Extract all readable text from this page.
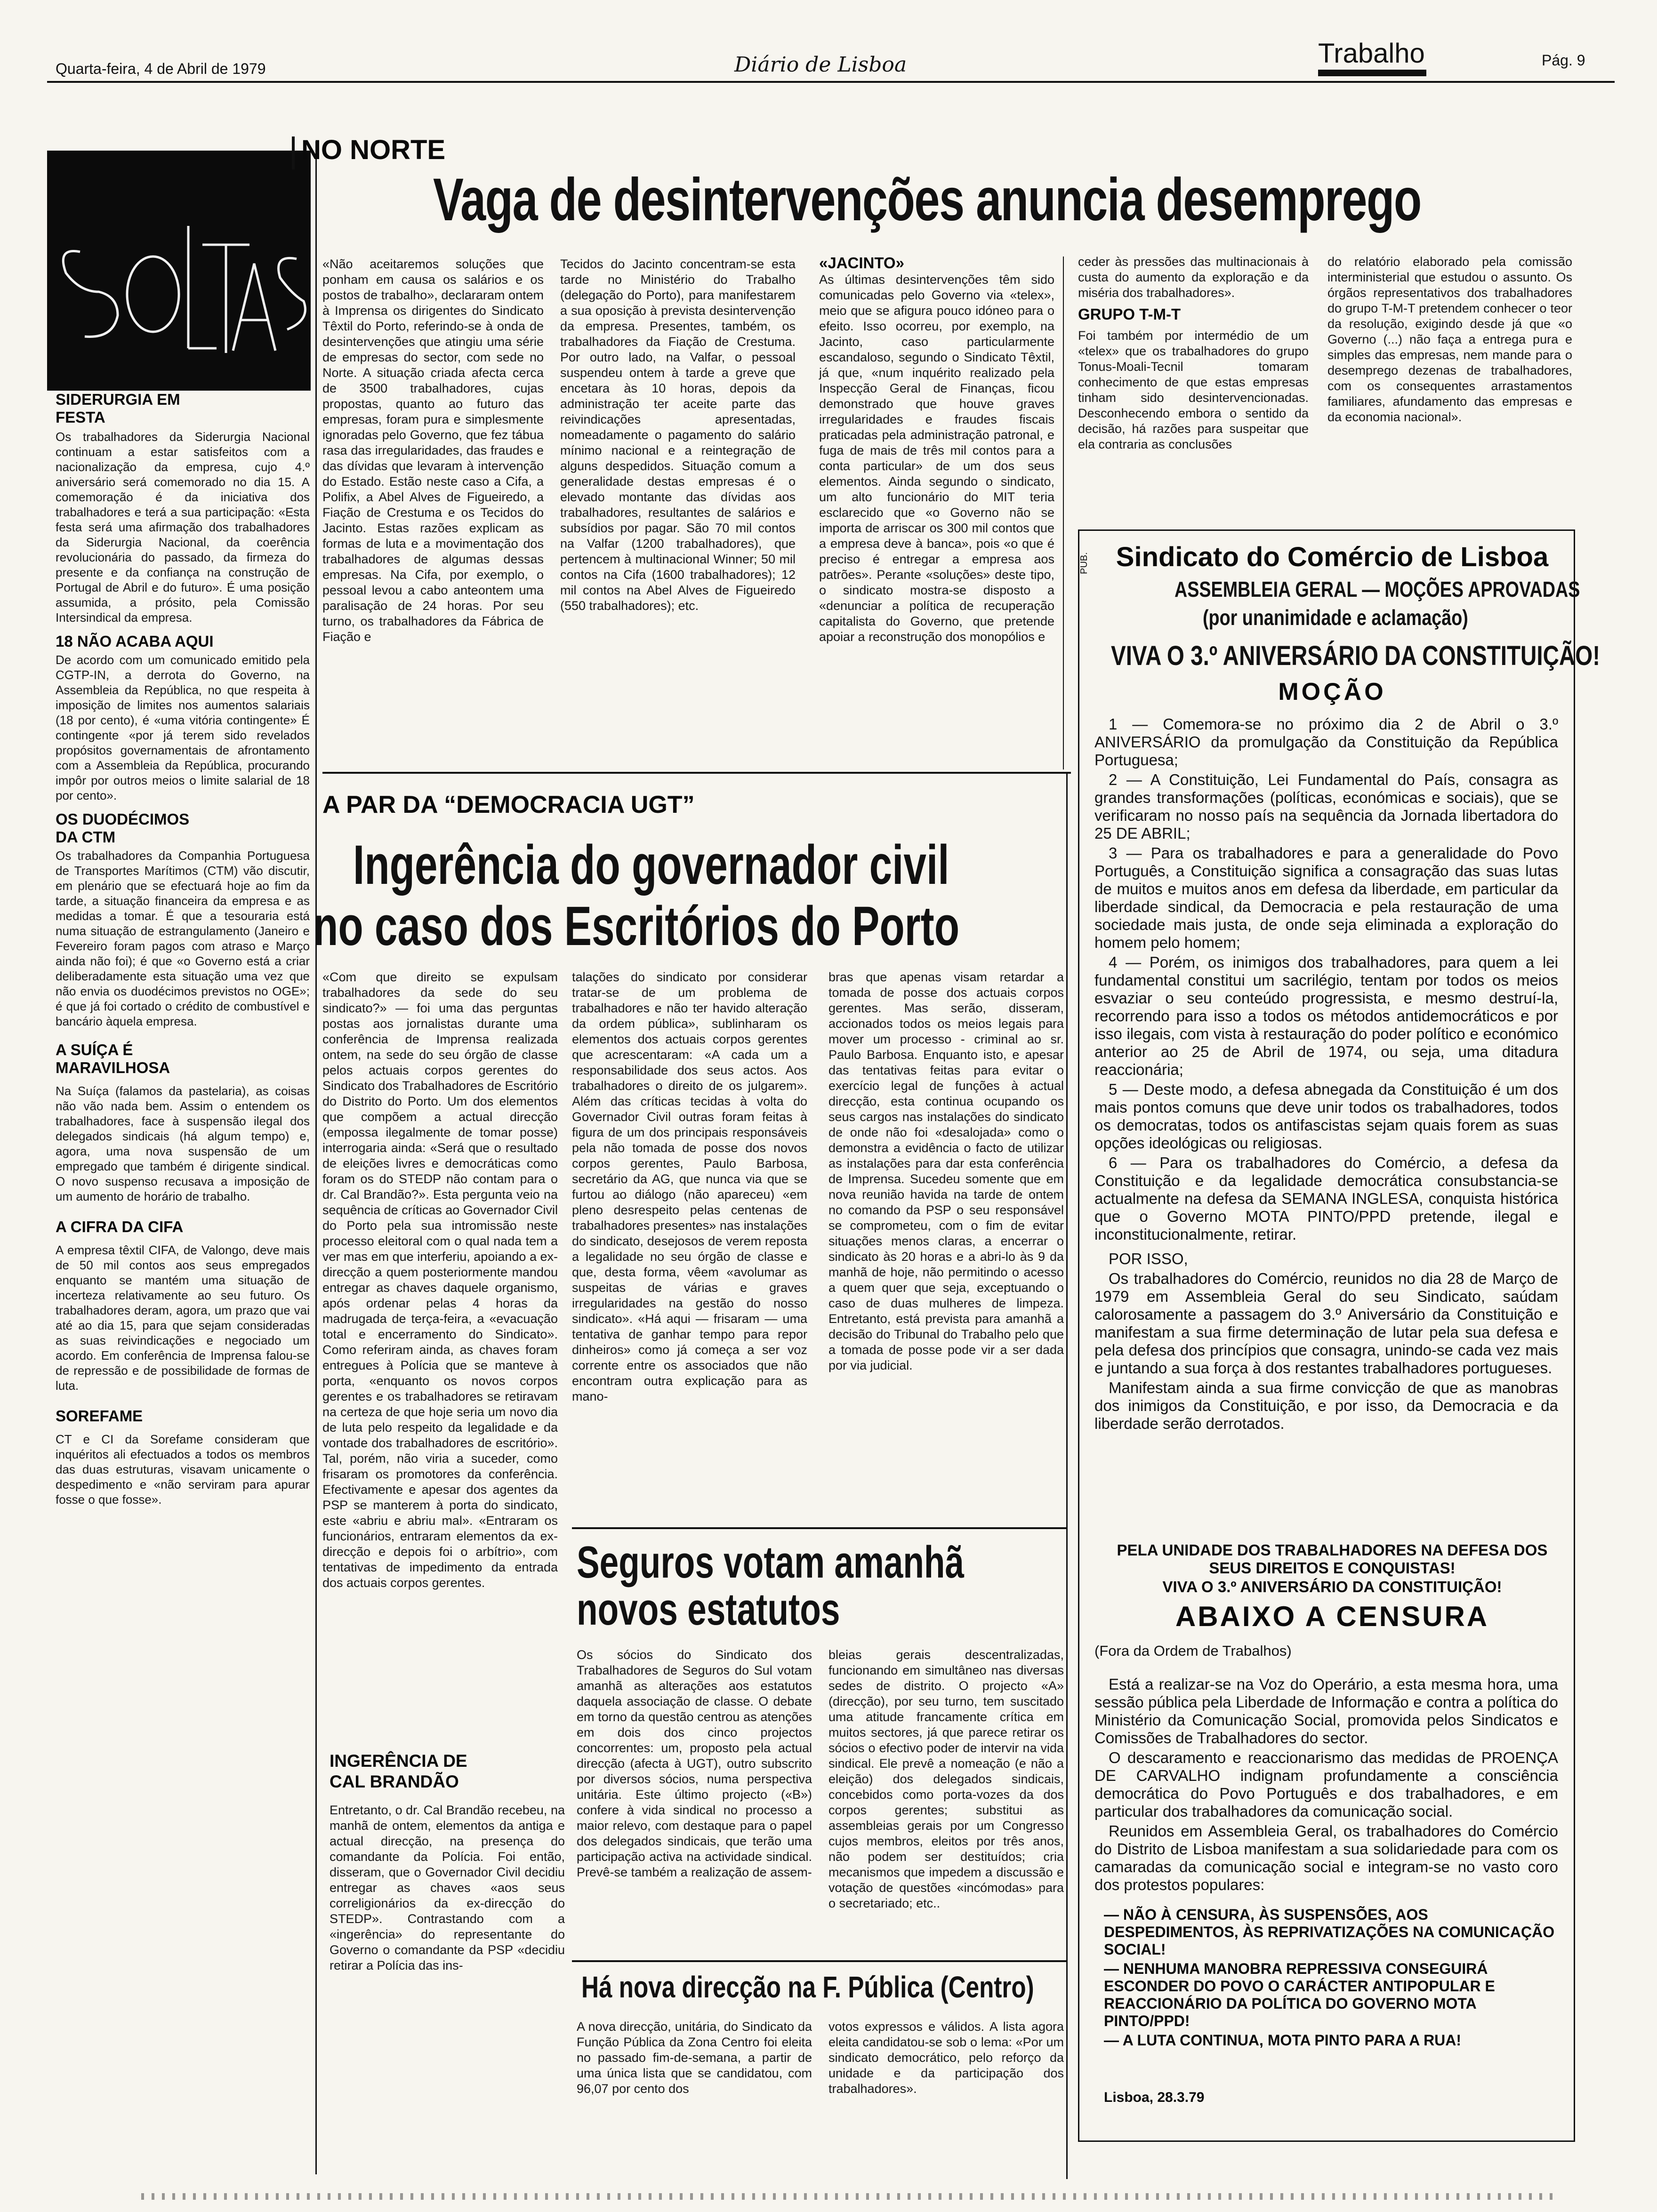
Quarta-feira, 4 de Abril de 1979	Diário de Lisboa	Trabalho	Pág. 9
SIDERURGIA EM FESTA
Os trabalhadores da Siderurgia Nacional continuam a estar satisfeitos com a nacionalização da empresa, cujo 4.º aniversário será comemorado no dia 15. A comemoração é da iniciativa dos trabalhadores e terá a sua participação: «Esta festa será uma afirmação dos trabalhadores da Siderurgia Nacional, da coerência revolucionária do passado, da firmeza do presente e da confiança na construção de Portugal de Abril e do futuro». É uma posição assumida, a prósito, pela Comissão Intersindical da empresa.
18 NÃO ACABA AQUI
De acordo com um comunicado emitido pela CGTP-IN, a derrota do Governo, na Assembleia da República, no que respeita à imposição de limites nos aumentos salariais (18 por cento), é «uma vitória contingente» É contingente «por já terem sido revelados propósitos governamentais de afrontamento com a Assembleia da República, procurando impôr por outros meios o limite salarial de 18 por cento».
OS DUODÉCIMOS DA CTM
Os trabalhadores da Companhia Portuguesa de Transportes Marítimos (CTM) vão discutir, em plenário que se efectuará hoje ao fim da tarde, a situação financeira da empresa e as medidas a tomar. É que a tesouraria está numa situação de estrangulamento (Janeiro e Fevereiro foram pagos com atraso e Março ainda não foi); é que «o Governo está a criar deliberadamente esta situação uma vez que não envia os duodécimos previstos no OGE»; é que já foi cortado o crédito de combustível e bancário àquela empresa.
A SUÍÇA É MARAVILHOSA
Na Suíça (falamos da pastelaria), as coisas não vão nada bem. Assim o entendem os trabalhadores, face à suspensão ilegal dos delegados sindicais (há algum tempo) e, agora, uma nova suspensão de um empregado que também é dirigente sindical. O novo suspenso recusava a imposição de um aumento de horário de trabalho.
A CIFRA DA CIFA
A empresa têxtil CIFA, de Valongo, deve mais de 50 mil contos aos seus empregados enquanto se mantém uma situação de incerteza relativamente ao seu futuro. Os trabalhadores deram, agora, um prazo que vai até ao dia 15, para que sejam consideradas as suas reivindicações e negociado um acordo. Em conferência de Imprensa falou-se de repressão e de possibilidade de formas de luta.
SOREFAME
CT e CI da Sorefame consideram que inquéritos ali efectuados a todos os membros das duas estruturas, visavam unicamente o despedimento e «não serviram para apurar fosse o que fosse».
NO NORTE
Vaga de desintervenções anuncia desemprego
«Não aceitaremos soluções que ponham em causa os salários e os postos de trabalho», declararam ontem à Imprensa os dirigentes do Sindicato Têxtil do Porto, referindo-se à onda de desintervenções que atingiu uma série de empresas do sector, com sede no Norte. A situação criada afecta cerca de 3500 trabalhadores, cujas propostas, quanto ao futuro das empresas, foram pura e simplesmente ignoradas pelo Governo, que fez tábua rasa das irregularidades, das fraudes e das dívidas que levaram à intervenção do Estado. Estão neste caso a Cifa, a Polifix, a Abel Alves de Figueiredo, a Fiação de Crestuma e os Tecidos do Jacinto. Estas razões explicam as formas de luta e a movimentação dos trabalhadores de algumas dessas empresas. Na Cifa, por exemplo, o pessoal levou a cabo anteontem uma paralisação de 24 horas. Por seu turno, os trabalhadores da Fábrica de Fiação e
Tecidos do Jacinto concentram-se esta tarde no Ministério do Trabalho (delegação do Porto), para manifestarem a sua oposição à prevista desintervenção da empresa. Presentes, também, os trabalhadores da Fiação de Crestuma. Por outro lado, na Valfar, o pessoal suspendeu ontem à tarde a greve que encetara às 10 horas, depois da administração ter aceite parte das reivindicações apresentadas, nomeadamente o pagamento do salário mínimo nacional e a reintegração de alguns despedidos. Situação comum a generalidade destas empresas é o elevado montante das dívidas aos trabalhadores, resultantes de salários e subsídios por pagar. São 70 mil contos na Valfar (1200 trabalhadores), que pertencem à multinacional Winner; 50 mil contos na Cifa (1600 trabalhadores); 12 mil contos na Abel Alves de Figueiredo (550 trabalhadores); etc.
«JACINTO»
As últimas desintervenções têm sido comunicadas pelo Governo via «telex», meio que se afigura pouco idóneo para o efeito. Isso ocorreu, por exemplo, na Jacinto, caso particularmente escandaloso, segundo o Sindicato Têxtil, já que, «num inquérito realizado pela Inspecção Geral de Finanças, ficou demonstrado que houve graves irregularidades e fraudes fiscais praticadas pela administração patronal, e fuga de mais de três mil contos para a conta particular» de um dos seus elementos. Ainda segundo o sindicato, um alto funcionário do MIT teria esclarecido que «o Governo não se importa de arriscar os 300 mil contos que a empresa deve à banca», pois «o que é preciso é entregar a empresa aos patrões». Perante «soluções» deste tipo, o sindicato mostra-se disposto a «denunciar a política de recuperação capitalista do Governo, que pretende apoiar a reconstrução dos monopólios e
ceder às pressões das multinacionais à custa do aumento da exploração e da miséria dos trabalhadores».
GRUPO T-M-T
Foi também por intermédio de um «telex» que os trabalhadores do grupo Tonus-Moali-Tecnil tomaram conhecimento de que estas empresas tinham sido desintervencionadas. Desconhecendo embora o sentido da decisão, há razões para suspeitar que ela contraria as conclusões
do relatório elaborado pela comissão interministerial que estudou o assunto. Os órgãos representativos dos trabalhadores do grupo T-M-T pretendem conhecer o teor da resolução, exigindo desde já que «o Governo (...) não faça a entrega pura e simples das empresas, nem mande para o desemprego dezenas de trabalhadores, com os consequentes arrastamentos familiares, afundamento das empresas e da economia nacional».
A PAR DA “DEMOCRACIA UGT”
Ingerência do governador civil
no caso dos Escritórios do Porto
«Com que direito se expulsam trabalhadores da sede do seu sindicato?» — foi uma das perguntas postas aos jornalistas durante uma conferência de Imprensa realizada ontem, na sede do seu órgão de classe pelos actuais corpos gerentes do Sindicato dos Trabalhadores de Escritório do Distrito do Porto. Um dos elementos que compõem a actual direcção (empossa ilegalmente de tomar posse) interrogaria ainda: «Será que o resultado de eleições livres e democráticas como foram os do STEDP não contam para o dr. Cal Brandão?». Esta pergunta veio na sequência de críticas ao Governador Civil do Porto pela sua intromissão neste processo eleitoral com o qual nada tem a ver mas em que interferiu, apoiando a ex-direcção a quem posteriormente mandou entregar as chaves daquele organismo, após ordenar pelas 4 horas da madrugada de terça-feira, a «evacuação total e encerramento do Sindicato». Como referiram ainda, as chaves foram entregues à Polícia que se manteve à porta, «enquanto os novos corpos gerentes e os trabalhadores se retiravam na certeza de que hoje seria um novo dia de luta pelo respeito da legalidade e da vontade dos trabalhadores de escritório». Tal, porém, não viria a suceder, como frisaram os promotores da conferência. Efectivamente e apesar dos agentes da PSP se manterem à porta do sindicato, este «abriu e abriu mal». «Entraram os funcionários, entraram elementos da ex-direcção e depois foi o arbítrio», com tentativas de impedimento da entrada dos actuais corpos gerentes.
talações do sindicato por considerar tratar-se de um problema de trabalhadores e não ter havido alteração da ordem pública», sublinharam os elementos dos actuais corpos gerentes que acrescentaram: «A cada um a responsabilidade dos seus actos. Aos trabalhadores o direito de os julgarem». Além das críticas tecidas à volta do Governador Civil outras foram feitas à figura de um dos principais responsáveis pela não tomada de posse dos novos corpos gerentes, Paulo Barbosa, secretário da AG, que nunca via que se furtou ao diálogo (não apareceu) «em pleno desrespeito pelas centenas de trabalhadores presentes» nas instalações do sindicato, desejosos de verem reposta a legalidade no seu órgão de classe e que, desta forma, vêem «avolumar as suspeitas de várias e graves irregularidades na gestão do nosso sindicato». «Há aqui — frisaram — uma tentativa de ganhar tempo para repor dinheiros» como já começa a ser voz corrente entre os associados que não encontram outra explicação para as mano-
bras que apenas visam retardar a tomada de posse dos actuais corpos gerentes. Mas serão, disseram, accionados todos os meios legais para mover um processo - criminal ao sr. Paulo Barbosa. Enquanto isto, e apesar das tentativas feitas para evitar o exercício legal de funções à actual direcção, esta continua ocupando os seus cargos nas instalações do sindicato de onde não foi «desalojada» como o demonstra a evidência o facto de utilizar as instalações para dar esta conferência de Imprensa. Sucedeu somente que em nova reunião havida na tarde de ontem no comando da PSP o seu responsável se comprometeu, com o fim de evitar situações menos claras, a encerrar o sindicato às 20 horas e a abri-lo às 9 da manhã de hoje, não permitindo o acesso a quem quer que seja, exceptuando o caso de duas mulheres de limpeza. Entretanto, está prevista para amanhã a decisão do Tribunal do Trabalho pelo que a tomada de posse pode vir a ser dada por via judicial.
INGERÊNCIA DE CAL BRANDÃO
Entretanto, o dr. Cal Brandão recebeu, na manhã de ontem, elementos da antiga e actual direcção, na presença do comandante da Polícia. Foi então, disseram, que o Governador Civil decidiu entregar as chaves «aos seus correligionários da ex-direcção do STEDP». Contrastando com a «ingerência» do representante do Governo o comandante da PSP «decidiu retirar a Polícia das ins-
Seguros votam amanhã
novos estatutos
Os sócios do Sindicato dos Trabalhadores de Seguros do Sul votam amanhã as alterações aos estatutos daquela associação de classe. O debate em torno da questão centrou as atenções em dois dos cinco projectos concorrentes: um, proposto pela actual direcção (afecta à UGT), outro subscrito por diversos sócios, numa perspectiva unitária. Este último projecto («B») confere à vida sindical no processo a maior relevo, com destaque para o papel dos delegados sindicais, que terão uma participação activa na actividade sindical. Prevê-se também a realização de assem-
bleias gerais descentralizadas, funcionando em simultâneo nas diversas sedes de distrito. O projecto «A» (direcção), por seu turno, tem suscitado uma atitude francamente crítica em muitos sectores, já que parece retirar os sócios o efectivo poder de intervir na vida sindical. Ele prevê a nomeação (e não a eleição) dos delegados sindicais, concebidos como porta-vozes da dos corpos gerentes; substitui as assembleias gerais por um Congresso cujos membros, eleitos por três anos, não podem ser destituídos; cria mecanismos que impedem a discussão e votação de questões «incómodas» para o secretariado; etc..
Há nova direcção na F. Pública (Centro)
A nova direcção, unitária, do Sindicato da Função Pública da Zona Centro foi eleita no passado fim-de-semana, a partir de uma única lista que se candidatou, com 96,07 por cento dos
votos expressos e válidos. A lista agora eleita candidatou-se sob o lema: «Por um sindicato democrático, pelo reforço da unidade e da participação dos trabalhadores».
PUB. Sindicato do Comércio de Lisboa
ASSEMBLEIA GERAL — MOÇÕES APROVADAS
(por unanimidade e aclamação)
VIVA O 3.º ANIVERSÁRIO DA CONSTITUIÇÃO!
MOÇÃO

1 — Comemora-se no próximo dia 2 de Abril o 3.º ANIVERSÁRIO da promulgação da Constituição da República Portuguesa;

2 — A Constituição, Lei Fundamental do País, consagra as grandes transformações (políticas, económicas e sociais), que se verificaram no nosso país na sequência da Jornada libertadora do 25 DE ABRIL;

3 — Para os trabalhadores e para a generalidade do Povo Português, a Constituição significa a consagração das suas lutas de muitos e muitos anos em defesa da liberdade, em particular da liberdade sindical, da Democracia e pela restauração de uma sociedade mais justa, de onde seja eliminada a exploração do homem pelo homem;

4 — Porém, os inimigos dos trabalhadores, para quem a lei fundamental constitui um sacrilégio, tentam por todos os meios esvaziar o seu conteúdo progressista, e mesmo destruí-la, recorrendo para isso a todos os métodos antidemocráticos e por isso ilegais, com vista à restauração do poder político e económico anterior ao 25 de Abril de 1974, ou seja, uma ditadura reaccionária;

5 — Deste modo, a defesa abnegada da Constituição é um dos mais pontos comuns que deve unir todos os trabalhadores, todos os democratas, todos os antifascistas sejam quais forem as suas opções ideológicas ou religiosas.

6 — Para os trabalhadores do Comércio, a defesa da Constituição e da legalidade democrática consubstancia-se actualmente na defesa da SEMANA INGLESA, conquista histórica que o Governo MOTA PINTO/PPD pretende, ilegal e inconstitucionalmente, retirar.

POR ISSO,

Os trabalhadores do Comércio, reunidos no dia 28 de Março de 1979 em Assembleia Geral do seu Sindicato, saúdam calorosamente a passagem do 3.º Aniversário da Constituição e manifestam a sua firme determinação de lutar pela sua defesa e pela defesa dos princípios que consagra, unindo-se cada vez mais e juntando a sua força à dos restantes trabalhadores portugueses.

Manifestam ainda a sua firme convicção de que as manobras dos inimigos da Constituição, e por isso, da Democracia e da liberdade serão derrotados.

PELA UNIDADE DOS TRABALHADORES NA DEFESA DOS SEUS DIREITOS E CONQUISTAS!
VIVA O 3.º ANIVERSÁRIO DA CONSTITUIÇÃO!
ABAIXO A CENSURA
(Fora da Ordem de Trabalhos)

Está a realizar-se na Voz do Operário, a esta mesma hora, uma sessão pública pela Liberdade de Informação e contra a política do Ministério da Comunicação Social, promovida pelos Sindicatos e Comissões de Trabalhadores do sector.

O descaramento e reaccionarismo das medidas de PROENÇA DE CARVALHO indignam profundamente a consciência democrática do Povo Português e dos trabalhadores, e em particular dos trabalhadores da comunicação social.

Reunidos em Assembleia Geral, os trabalhadores do Comércio do Distrito de Lisboa manifestam a sua solidariedade para com os camaradas da comunicação social e integram-se no vasto coro dos protestos populares:

— NÃO À CENSURA, ÀS SUSPENSÕES, AOS DESPEDIMENTOS, ÀS REPRIVATIZAÇÕES NA COMUNICAÇÃO SOCIAL!
— NENHUMA MANOBRA REPRESSIVA CONSEGUIRÁ ESCONDER DO POVO O CARÁCTER ANTIPOPULAR E REACCIONÁRIO DA POLÍTICA DO GOVERNO MOTA PINTO/PPD!
— A LUTA CONTINUA, MOTA PINTO PARA A RUA!
Lisboa, 28.3.79
